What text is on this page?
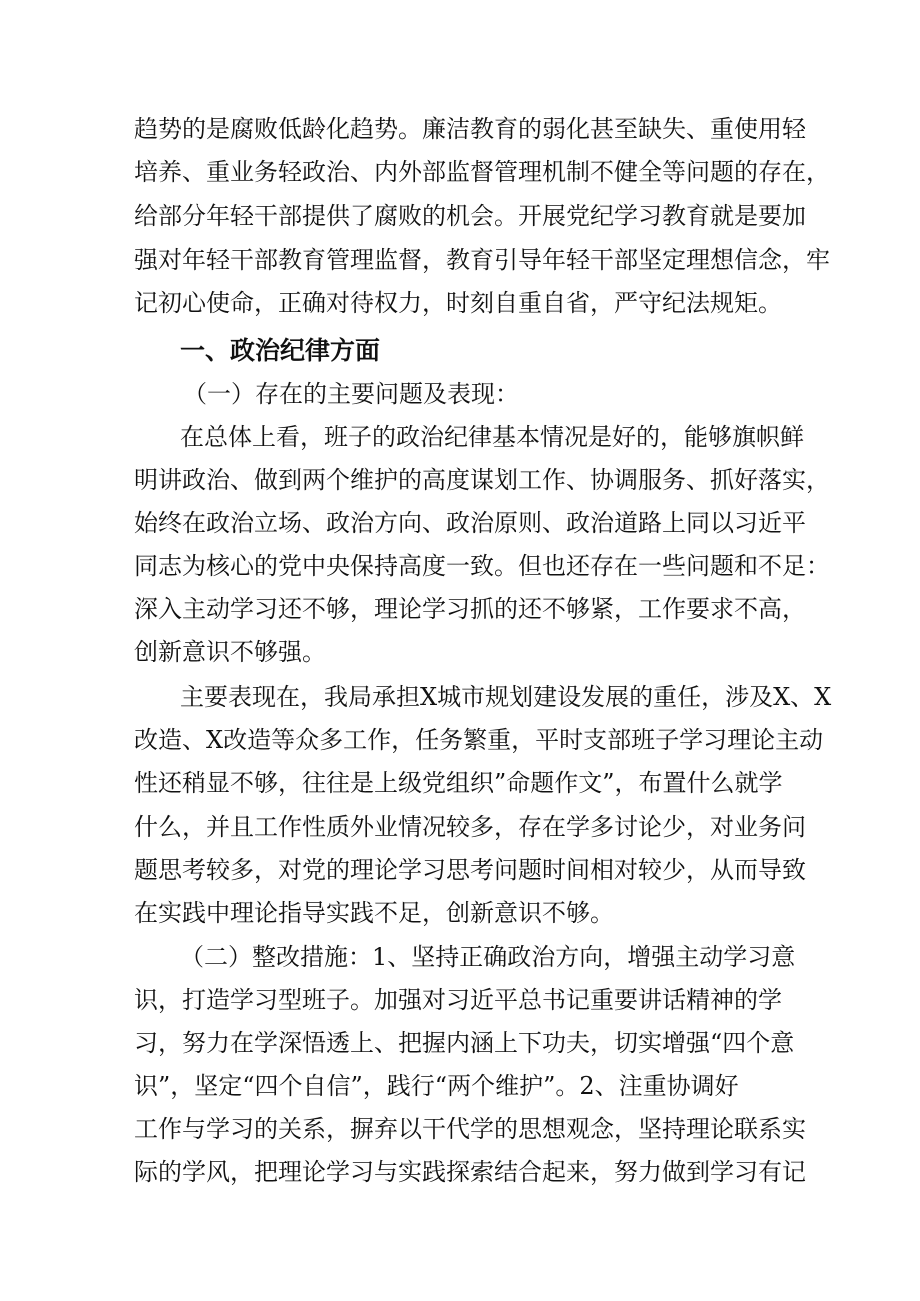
趋势的是腐败低龄化趋势。廉洁教育的弱化甚至缺失、重使用轻
培养、重业务轻政治、内外部监督管理机制不健全等问题的存在，
给部分年轻干部提供了腐败的机会。开展党纪学习教育就是要加
强对年轻干部教育管理监督，教育引导年轻干部坚定理想信念，牢
记初心使命，正确对待权力，时刻自重自省，严守纪法规矩。
一、政治纪律方面
（一）存在的主要问题及表现：
在总体上看，班子的政治纪律基本情况是好的，能够旗帜鲜
明讲政治、做到两个维护的高度谋划工作、协调服务、抓好落实，
始终在政治立场、政治方向、政治原则、政治道路上同以习近平
同志为核心的党中央保持高度一致。但也还存在一些问题和不足：
深入主动学习还不够，理论学习抓的还不够紧，工作要求不高，
创新意识不够强。
主要表现在，我局承担X城市规划建设发展的重任，涉及X、X
改造、X改造等众多工作，任务繁重，平时支部班子学习理论主动
性还稍显不够，往往是上级党组织”命题作文”，布置什么就学
什么，并且工作性质外业情况较多，存在学多讨论少，对业务问
题思考较多，对党的理论学习思考问题时间相对较少，从而导致
在实践中理论指导实践不足，创新意识不够。
（二）整改措施：1、坚持正确政治方向，增强主动学习意
识，打造学习型班子。加强对习近平总书记重要讲话精神的学
习，努力在学深悟透上、把握内涵上下功夫，切实增强“四个意
识”，坚定“四个自信”，践行“两个维护”。2、注重协调好
工作与学习的关系，摒弃以干代学的思想观念，坚持理论联系实
际的学风，把理论学习与实践探索结合起来，努力做到学习有记
